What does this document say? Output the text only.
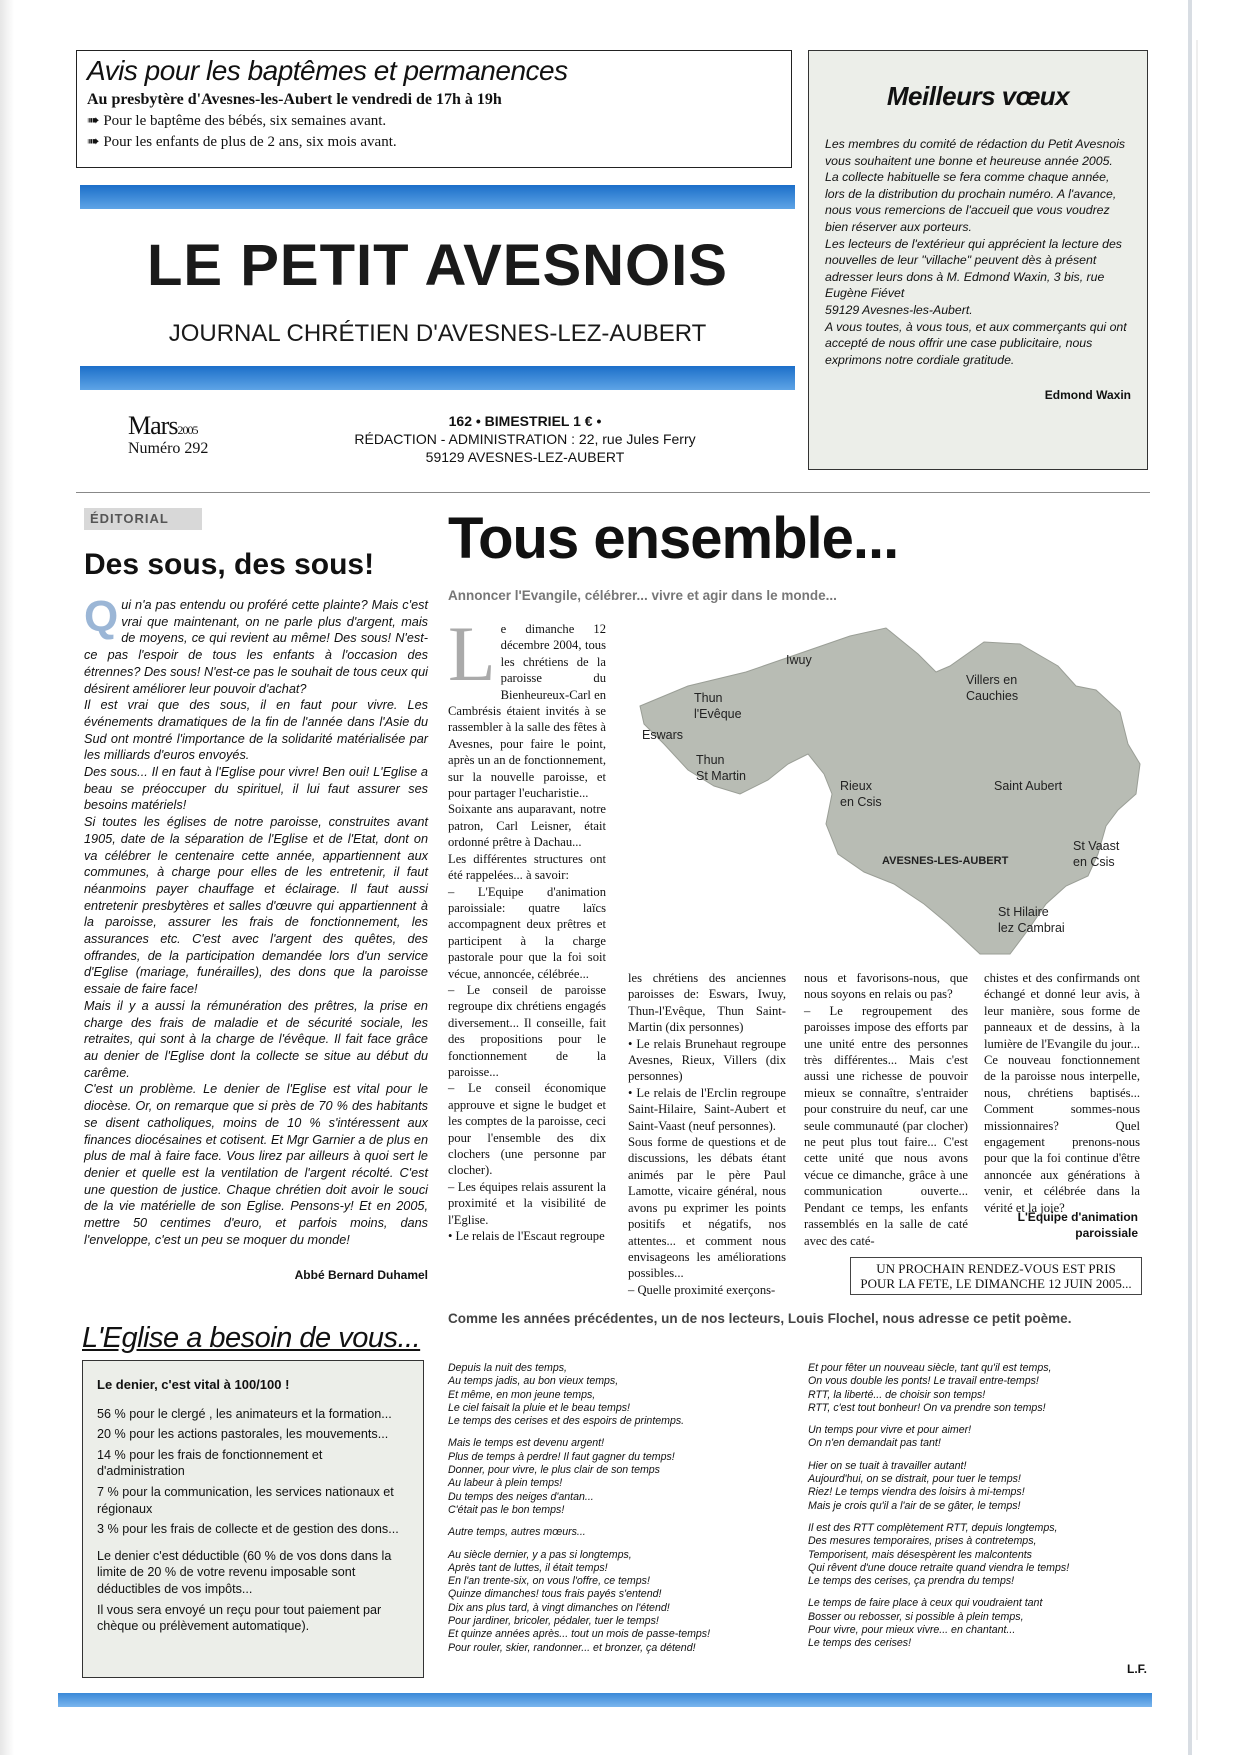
Avis pour les baptêmes et permanences
Au presbytère d'Avesnes-les-Aubert le vendredi de 17h à 19h
➠ Pour le baptême des bébés, six semaines avant.
➠ Pour les enfants de plus de 2 ans, six mois avant.
LE PETIT AVESNOIS
JOURNAL CHRÉTIEN D'AVESNES-LEZ-AUBERT
Mars2005
Numéro 292
162 • BIMESTRIEL 1 € •
RÉDACTION - ADMINISTRATION : 22, rue Jules Ferry
59129 AVESNES-LEZ-AUBERT
Meilleurs vœux
Les membres du comité de rédaction du Petit Avesnois vous souhaitent une bonne et heureuse année 2005.
La collecte habituelle se fera comme chaque année, lors de la distribution du prochain numéro. A l'avance, nous vous remercions de l'accueil que vous voudrez bien réserver aux porteurs.
Les lecteurs de l'extérieur qui apprécient la lecture des nouvelles de leur "villache" peuvent dès à présent adresser leurs dons à M. Edmond Waxin, 3 bis, rue Eugène Fiévet
59129 Avesnes-les-Aubert.
A vous toutes, à vous tous, et aux commerçants qui ont accepté de nous offrir une case publicitaire, nous exprimons notre cordiale gratitude.
Edmond Waxin
ÉDITORIAL
Des sous, des sous!
Qui n'a pas entendu ou proféré cette plainte? Mais c'est vrai que maintenant, on ne parle plus d'argent, mais de moyens, ce qui revient au même! Des sous! N'est-ce pas l'espoir de tous les enfants à l'occasion des étrennes? Des sous! N'est-ce pas le souhait de tous ceux qui désirent améliorer leur pouvoir d'achat?
Il est vrai que des sous, il en faut pour vivre. Les événements dramatiques de la fin de l'année dans l'Asie du Sud ont montré l'importance de la solidarité matérialisée par les milliards d'euros envoyés.
Des sous... Il en faut à l'Eglise pour vivre! Ben oui! L'Eglise a beau se préoccuper du spirituel, il lui faut assurer ses besoins matériels!
Si toutes les églises de notre paroisse, construites avant 1905, date de la séparation de l'Eglise et de l'Etat, dont on va célébrer le centenaire cette année, appartiennent aux communes, à charge pour elles de les entretenir, il faut néanmoins payer chauffage et éclairage. Il faut aussi entretenir presbytères et salles d'œuvre qui appartiennent à la paroisse, assurer les frais de fonctionnement, les assurances etc. C'est avec l'argent des quêtes, des offrandes, de la participation demandée lors d'un service d'Eglise (mariage, funérailles), des dons que la paroisse essaie de faire face!
Mais il y a aussi la rémunération des prêtres, la prise en charge des frais de maladie et de sécurité sociale, les retraites, qui sont à la charge de l'évêque. Il fait face grâce au denier de l'Eglise dont la collecte se situe au début du carême.
C'est un problème. Le denier de l'Eglise est vital pour le diocèse. Or, on remarque que si près de 70 % des habitants se disent catholiques, moins de 10 % s'intéressent aux finances diocésaines et cotisent. Et Mgr Garnier a de plus en plus de mal à faire face. Vous lirez par ailleurs à quoi sert le denier et quelle est la ventilation de l'argent récolté. C'est une question de justice. Chaque chrétien doit avoir le souci de la vie matérielle de son Eglise. Pensons-y! Et en 2005, mettre 50 centimes d'euro, et parfois moins, dans l'enveloppe, c'est un peu se moquer du monde!
Abbé Bernard Duhamel
Tous ensemble...
Annoncer l'Evangile, célébrer... vivre et agir dans le monde...
Iwuy
Villers en
Cauchies
Thun
l'Evêque
Eswars
Thun
St Martin
Rieux
en Csis
Saint Aubert
AVESNES-LES-AUBERT
St Vaast
en Csis
St Hilaire
lez Cambrai
Le dimanche 12 décembre 2004, tous les chrétiens de la paroisse du Bienheureux-Carl en Cambrésis étaient invités à se rassembler à la salle des fêtes à Avesnes, pour faire le point, après un an de fonctionnement, sur la nouvelle paroisse, et pour partager l'eucharistie...
Soixante ans auparavant, notre patron, Carl Leisner, était ordonné prêtre à Dachau...
Les différentes structures ont été rappelées... à savoir:
– L'Equipe d'animation paroissiale: quatre laïcs accompagnent deux prêtres et participent à la charge pastorale pour que la foi soit vécue, annoncée, célébrée...
– Le conseil de paroisse regroupe dix chrétiens engagés diversement... Il conseille, fait des propositions pour le fonctionnement de la paroisse...
– Le conseil économique approuve et signe le budget et les comptes de la paroisse, ceci pour l'ensemble des dix clochers (une personne par clocher).
– Les équipes relais assurent la proximité et la visibilité de l'Eglise.
• Le relais de l'Escaut regroupe
les chrétiens des anciennes paroisses de: Eswars, Iwuy, Thun-l'Evêque, Thun Saint-Martin (dix personnes)
• Le relais Brunehaut regroupe Avesnes, Rieux, Villers (dix personnes)
• Le relais de l'Erclin regroupe Saint-Hilaire, Saint-Aubert et Saint-Vaast (neuf personnes).
Sous forme de questions et de discussions, les débats étant animés par le père Paul Lamotte, vicaire général, nous avons pu exprimer les points positifs et négatifs, nos attentes... et comment nous envisageons les améliorations possibles...
– Quelle proximité exerçons-
nous et favorisons-nous, que nous soyons en relais ou pas?
– Le regroupement des paroisses impose des efforts par une unité entre des personnes très différentes... Mais c'est aussi une richesse de pouvoir mieux se connaître, s'entraider pour construire du neuf, car une seule communauté (par clocher) ne peut plus tout faire... C'est cette unité que nous avons vécue ce dimanche, grâce à une communication ouverte... Pendant ce temps, les enfants rassemblés en la salle de caté avec des caté-
chistes et des confirmands ont échangé et donné leur avis, à leur manière, sous forme de panneaux et de dessins, à la lumière de l'Evangile du jour... Ce nouveau fonctionnement de la paroisse nous interpelle, nous, chrétiens baptisés... Comment sommes-nous missionnaires? Quel engagement prenons-nous pour que la foi continue d'être annoncée aux générations à venir, et célébrée dans la vérité et la joie?
L'Equipe d'animation
paroissiale
UN PROCHAIN RENDEZ-VOUS EST PRIS
POUR LA FETE, LE DIMANCHE 12 JUIN 2005...
L'Eglise a besoin de vous...
Le denier, c'est vital à 100/100 !
56 % pour le clergé , les animateurs et la formation...
20 % pour les actions pastorales, les mouvements...
14 % pour les frais de fonctionnement et d'administration
7 % pour la communication, les services nationaux et régionaux
3 % pour les frais de collecte et de gestion des dons...
Le denier c'est déductible (60 % de vos dons dans la limite de 20 % de votre revenu imposable sont déductibles de vos impôts...
Il vous sera envoyé un reçu pour tout paiement par chèque ou prélèvement automatique).
Comme les années précédentes, un de nos lecteurs, Louis Flochel, nous adresse ce petit poème.

Depuis la nuit des temps,
Au temps jadis, au bon vieux temps,
Et même, en mon jeune temps,
Le ciel faisait la pluie et le beau temps!
Le temps des cerises et des espoirs de printemps.

Mais le temps est devenu argent!
Plus de temps à perdre! Il faut gagner du temps!
Donner, pour vivre, le plus clair de son temps
Au labeur à plein temps!
Du temps des neiges d'antan...
C'était pas le bon temps!

Autre temps, autres mœurs...

Au siècle dernier, y a pas si longtemps,
Après tant de luttes, il était temps!
En l'an trente-six, on vous l'offre, ce temps!
Quinze dimanches! tous frais payés s'entend!
Dix ans plus tard, à vingt dimanches on l'étend!
Pour jardiner, bricoler, pédaler, tuer le temps!
Et quinze années après... tout un mois de passe-temps!
Pour rouler, skier, randonner... et bronzer, ça détend!

Et pour fêter un nouveau siècle, tant qu'il est temps,
On vous double les ponts! Le travail entre-temps!
RTT, la liberté... de choisir son temps!
RTT, c'est tout bonheur! On va prendre son temps!

Un temps pour vivre et pour aimer!
On n'en demandait pas tant!

Hier on se tuait à travailler autant!
Aujourd'hui, on se distrait, pour tuer le temps!
Riez! Le temps viendra des loisirs à mi-temps!
Mais je crois qu'il a l'air de se gâter, le temps!

Il est des RTT complètement RTT, depuis longtemps,
Des mesures temporaires, prises à contretemps,
Temporisent, mais désespèrent les malcontents
Qui rêvent d'une douce retraite quand viendra le temps!
Le temps des cerises, ça prendra du temps!

Le temps de faire place à ceux qui voudraient tant
Bosser ou rebosser, si possible à plein temps,
Pour vivre, pour mieux vivre... en chantant...
Le temps des cerises!

L.F.
